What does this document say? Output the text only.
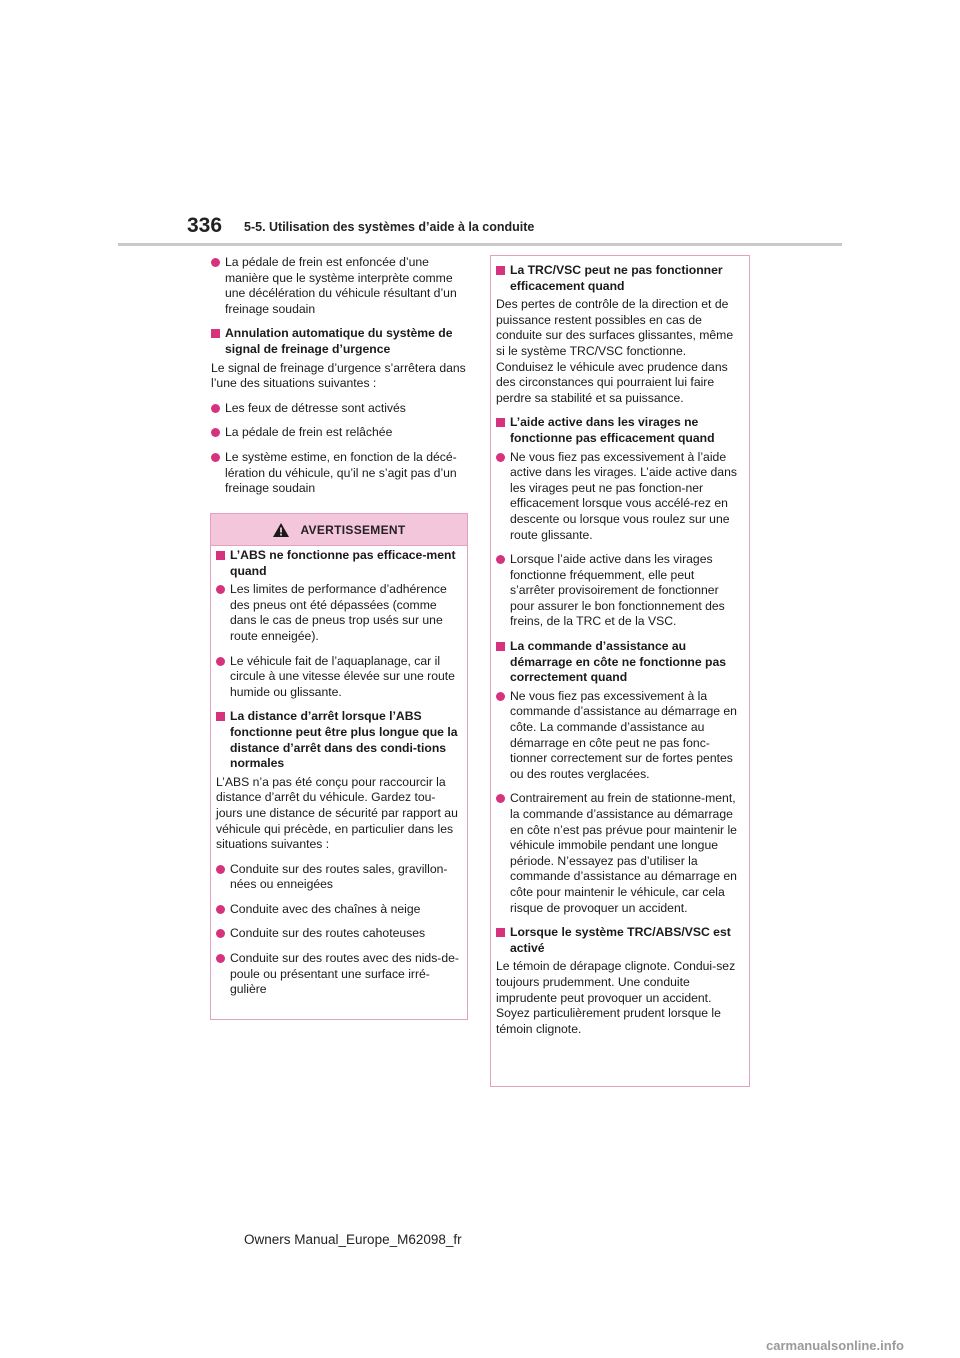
336 5-5. Utilisation des systèmes d’aide à la conduite
La pédale de frein est enfoncée d’une manière que le système interprète comme une décélération du véhicule résultant d’un freinage soudain
Annulation automatique du système de signal de freinage d’urgence
Le signal de freinage d’urgence s’arrêtera dans l’une des situations suivantes :
Les feux de détresse sont activés
La pédale de frein est relâchée
Le système estime, en fonction de la décé-lération du véhicule, qu’il ne s’agit pas d’un freinage soudain
AVERTISSEMENT
L’ABS ne fonctionne pas efficace-ment quand
Les limites de performance d’adhérence des pneus ont été dépassées (comme dans le cas de pneus trop usés sur une route enneigée).
Le véhicule fait de l’aquaplanage, car il circule à une vitesse élevée sur une route humide ou glissante.
La distance d’arrêt lorsque l’ABS fonctionne peut être plus longue que la distance d’arrêt dans des condi-tions normales
L’ABS n’a pas été conçu pour raccourcir la distance d’arrêt du véhicule. Gardez tou-jours une distance de sécurité par rapport au véhicule qui précède, en particulier dans les situations suivantes :
Conduite sur des routes sales, gravillon-nées ou enneigées
Conduite avec des chaînes à neige
Conduite sur des routes cahoteuses
Conduite sur des routes avec des nids-de-poule ou présentant une surface irré-gulière
La TRC/VSC peut ne pas fonctionner efficacement quand
Des pertes de contrôle de la direction et de puissance restent possibles en cas de conduite sur des surfaces glissantes, même si le système TRC/VSC fonctionne. Conduisez le véhicule avec prudence dans des circonstances qui pourraient lui faire perdre sa stabilité et sa puissance.
L’aide active dans les virages ne fonctionne pas efficacement quand
Ne vous fiez pas excessivement à l’aide active dans les virages. L’aide active dans les virages peut ne pas fonction-ner efficacement lorsque vous accélé-rez en descente ou lorsque vous roulez sur une route glissante.
Lorsque l’aide active dans les virages fonctionne fréquemment, elle peut s’arrêter provisoirement de fonctionner pour assurer le bon fonctionnement des freins, de la TRC et de la VSC.
La commande d’assistance au démarrage en côte ne fonctionne pas correctement quand
Ne vous fiez pas excessivement à la commande d’assistance au démarrage en côte. La commande d’assistance au démarrage en côte peut ne pas fonc-tionner correctement sur de fortes pentes ou des routes verglacées.
Contrairement au frein de stationne-ment, la commande d’assistance au démarrage en côte n’est pas prévue pour maintenir le véhicule immobile pendant une longue période. N’essayez pas d’utiliser la commande d’assistance au démarrage en côte pour maintenir le véhicule, car cela risque de provoquer un accident.
Lorsque le système TRC/ABS/VSC est activé
Le témoin de dérapage clignote. Condui-sez toujours prudemment. Une conduite imprudente peut provoquer un accident. Soyez particulièrement prudent lorsque le témoin clignote.
Owners Manual_Europe_M62098_fr
carmanualsonline.info
